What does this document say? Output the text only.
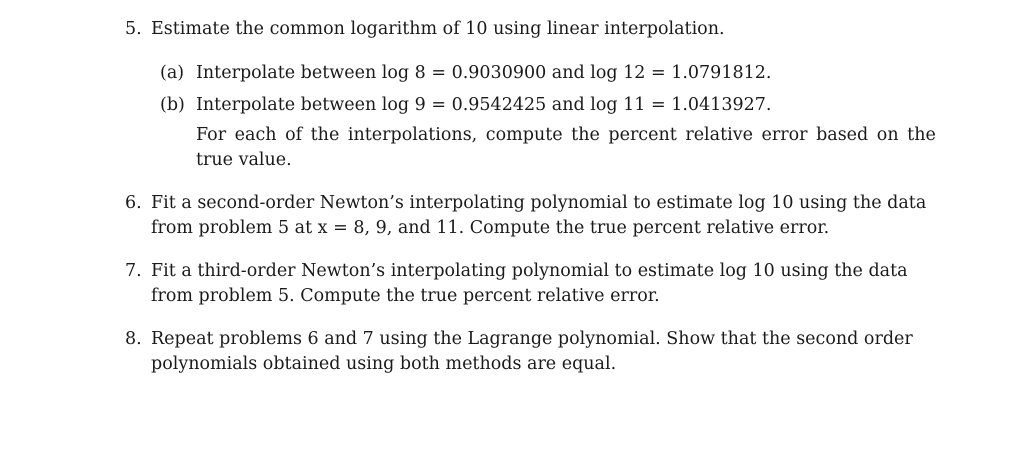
5. Estimate the common logarithm of 10 using linear interpolation.
(a) Interpolate between log 8 = 0.9030900 and log 12 = 1.0791812.
(b) Interpolate between log 9 = 0.9542425 and log 11 = 1.0413927.
For each of the interpolations, compute the percent relative error based on the
true value.
6. Fit a second-order Newton’s interpolating polynomial to estimate log 10 using the data
from problem 5 at x = 8, 9, and 11. Compute the true percent relative error.
7. Fit a third-order Newton’s interpolating polynomial to estimate log 10 using the data
from problem 5. Compute the true percent relative error.
8. Repeat problems 6 and 7 using the Lagrange polynomial. Show that the second order
polynomials obtained using both methods are equal.
